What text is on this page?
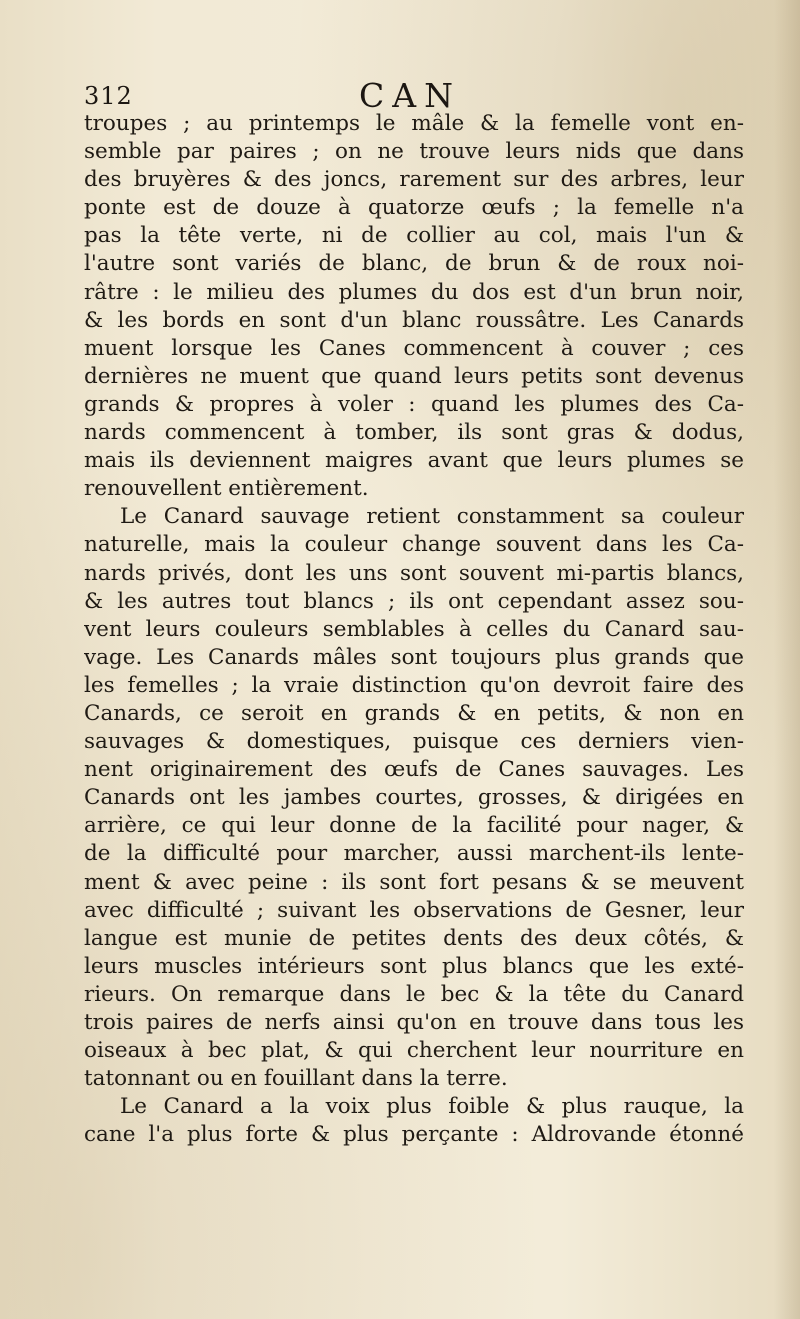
312	CAN
troupes ; au printemps le mâle & la femelle vont en-
semble par paires ; on ne trouve leurs nids que dans
des bruyères & des joncs, rarement sur des arbres, leur
ponte est de douze à quatorze œufs ; la femelle n'a
pas la tête verte, ni de collier au col, mais l'un &
l'autre sont variés de blanc, de brun & de roux noi-
râtre : le milieu des plumes du dos est d'un brun noir,
& les bords en sont d'un blanc roussâtre. Les Canards
muent lorsque les Canes commencent à couver ; ces
dernières ne muent que quand leurs petits sont devenus
grands & propres à voler : quand les plumes des Ca-
nards commencent à tomber, ils sont gras & dodus,
mais ils deviennent maigres avant que leurs plumes se
renouvellent entièrement.
Le Canard sauvage retient constamment sa couleur
naturelle, mais la couleur change souvent dans les Ca-
nards privés, dont les uns sont souvent mi-partis blancs,
& les autres tout blancs ; ils ont cependant assez sou-
vent leurs couleurs semblables à celles du Canard sau-
vage. Les Canards mâles sont toujours plus grands que
les femelles ; la vraie distinction qu'on devroit faire des
Canards, ce seroit en grands & en petits, & non en
sauvages & domestiques, puisque ces derniers vien-
nent originairement des œufs de Canes sauvages. Les
Canards ont les jambes courtes, grosses, & dirigées en
arrière, ce qui leur donne de la facilité pour nager, &
de la difficulté pour marcher, aussi marchent-ils lente-
ment & avec peine : ils sont fort pesans & se meuvent
avec difficulté ; suivant les observations de Gesner, leur
langue est munie de petites dents des deux côtés, &
leurs muscles intérieurs sont plus blancs que les exté-
rieurs. On remarque dans le bec & la tête du Canard
trois paires de nerfs ainsi qu'on en trouve dans tous les
oiseaux à bec plat, & qui cherchent leur nourriture en
tatonnant ou en fouillant dans la terre.
Le Canard a la voix plus foible & plus rauque, la
cane l'a plus forte & plus perçante : Aldrovande étonné
